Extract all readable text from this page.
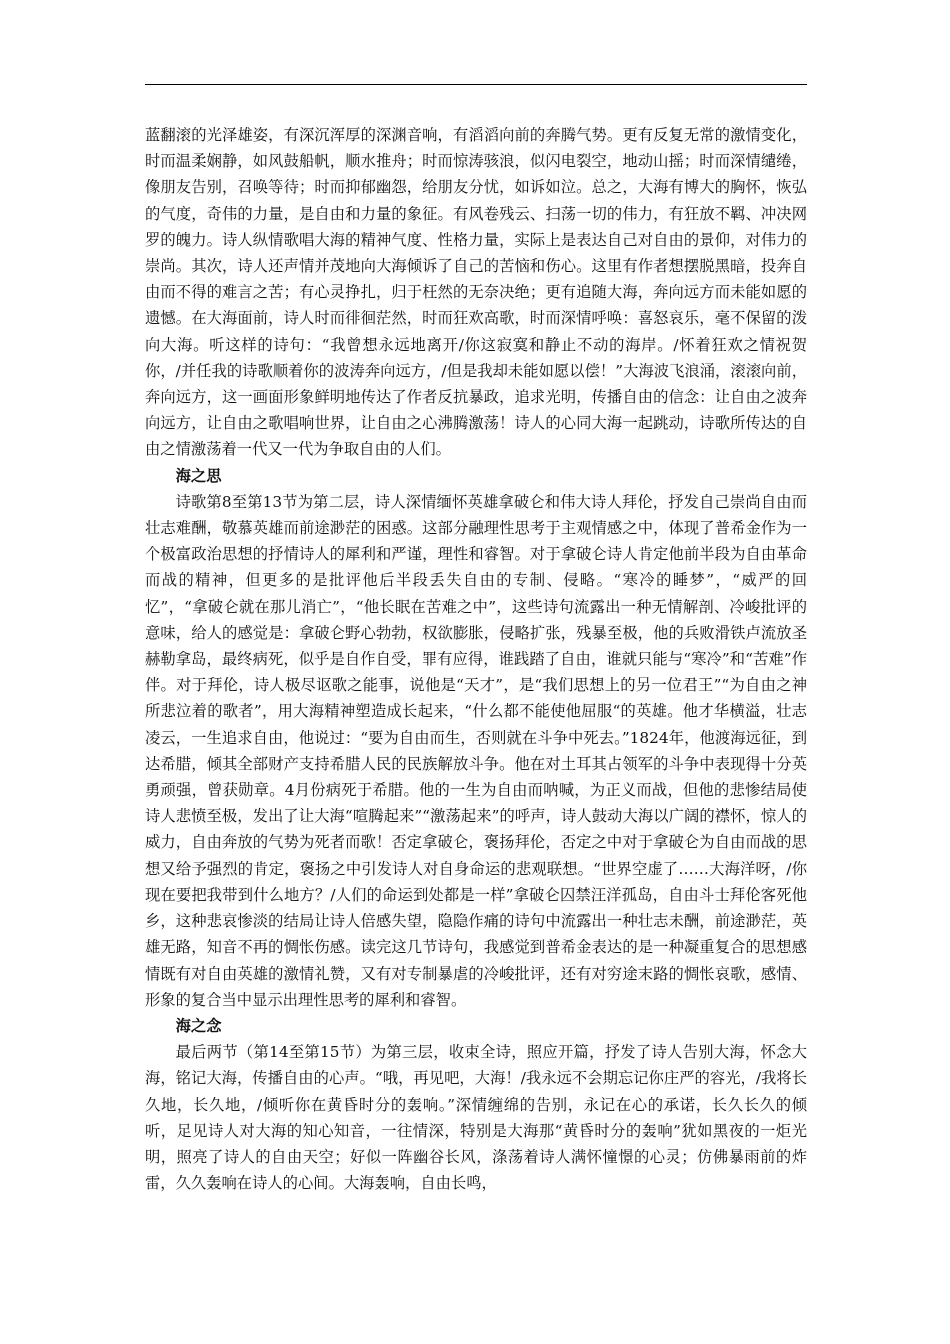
蓝翻滚的光泽雄姿，有深沉浑厚的深渊音响，有滔滔向前的奔腾气势。更有反复无常的激情变化，时而温柔娴静，如风鼓船帆，顺水推舟；时而惊涛骇浪，似闪电裂空，地动山摇；时而深情缱绻，像朋友告别，召唤等待；时而抑郁幽怨，给朋友分忧，如诉如泣。总之，大海有博大的胸怀，恢弘的气度，奇伟的力量，是自由和力量的象征。有风卷残云、扫荡一切的伟力，有狂放不羁、冲决网罗的魄力。诗人纵情歌唱大海的精神气度、性格力量，实际上是表达自己对自由的景仰，对伟力的崇尚。其次，诗人还声情并茂地向大海倾诉了自己的苦恼和伤心。这里有作者想摆脱黑暗，投奔自由而不得的难言之苦；有心灵挣扎，归于枉然的无奈决绝；更有追随大海，奔向远方而未能如愿的遗憾。在大海面前，诗人时而徘徊茫然，时而狂欢高歌，时而深情呼唤：喜怒哀乐，毫不保留的泼向大海。听这样的诗句：“我曾想永远地离开/你这寂寞和静止不动的海岸。/怀着狂欢之情祝贺你，/并任我的诗歌顺着你的波涛奔向远方，/但是我却未能如愿以偿！”大海波飞浪涌，滚滚向前，奔向远方，这一画面形象鲜明地传达了作者反抗暴政，追求光明，传播自由的信念：让自由之波奔向远方，让自由之歌唱响世界，让自由之心沸腾激荡！诗人的心同大海一起跳动，诗歌所传达的自由之情激荡着一代又一代为争取自由的人们。

海之思

诗歌第8至第13节为第二层，诗人深情缅怀英雄拿破仑和伟大诗人拜伦，抒发自己崇尚自由而壮志难酬，敬慕英雄而前途渺茫的困惑。这部分融理性思考于主观情感之中，体现了普希金作为一个极富政治思想的抒情诗人的犀利和严谨，理性和睿智。对于拿破仑诗人肯定他前半段为自由革命而战的精神，但更多的是批评他后半段丢失自由的专制、侵略。“寒冷的睡梦”，“威严的回忆”，“拿破仑就在那儿消亡”，“他长眠在苦难之中”，这些诗句流露出一种无情解剖、冷峻批评的意味，给人的感觉是：拿破仑野心勃勃，权欲膨胀，侵略扩张，残暴至极，他的兵败滑铁卢流放圣赫勒拿岛，最终病死，似乎是自作自受，罪有应得，谁践踏了自由，谁就只能与“寒冷”和“苦难”作伴。对于拜伦，诗人极尽讴歌之能事，说他是“天才”，是“我们思想上的另一位君王”“为自由之神所悲泣着的歌者”，用大海精神塑造成长起来，“什么都不能使他屈服“的英雄。他才华横溢，壮志凌云，一生追求自由，他说过：“要为自由而生，否则就在斗争中死去。”1824年，他渡海远征，到达希腊，倾其全部财产支持希腊人民的民族解放斗争。他在对土耳其占领军的斗争中表现得十分英勇顽强，曾获勋章。4月份病死于希腊。他的一生为自由而呐喊，为正义而战，但他的悲惨结局使诗人悲愤至极，发出了让大海“喧腾起来”“激荡起来”的呼声，诗人鼓动大海以广阔的襟怀，惊人的威力，自由奔放的气势为死者而歌！否定拿破仑，褒扬拜伦，否定之中对于拿破仑为自由而战的思想又给予强烈的肯定，褒扬之中引发诗人对自身命运的悲观联想。“世界空虚了……大海洋呀，/你现在要把我带到什么地方？/人们的命运到处都是一样”拿破仑囚禁汪洋孤岛，自由斗士拜伦客死他乡，这种悲哀惨淡的结局让诗人倍感失望，隐隐作痛的诗句中流露出一种壮志未酬，前途渺茫，英雄无路，知音不再的惆怅伤感。读完这几节诗句，我感觉到普希金表达的是一种凝重复合的思想感情既有对自由英雄的激情礼赞，又有对专制暴虐的冷峻批评，还有对穷途末路的惆怅哀歌，感情、形象的复合当中显示出理性思考的犀利和睿智。

海之念

最后两节（第14至第15节）为第三层，收束全诗，照应开篇，抒发了诗人告别大海，怀念大海，铭记大海，传播自由的心声。“哦，再见吧，大海！/我永远不会期忘记你庄严的容光，/我将长久地，长久地，/倾听你在黄昏时分的轰响。”深情缠绵的告别，永记在心的承诺，长久长久的倾听，足见诗人对大海的知心知音，一往情深，特别是大海那“黄昏时分的轰响”犹如黑夜的一炬光明，照亮了诗人的自由天空；好似一阵幽谷长风，涤荡着诗人满怀憧憬的心灵；仿佛暴雨前的炸雷，久久轰响在诗人的心间。大海轰响，自由长鸣，
